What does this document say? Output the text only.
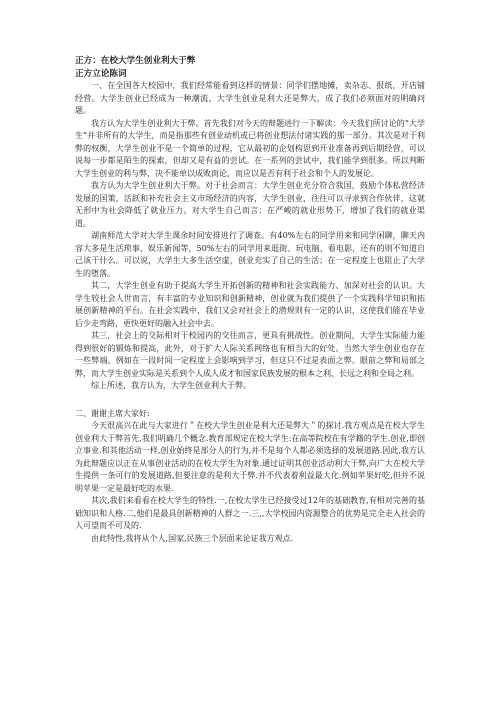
正方：在校大学生创业利大于弊

正方立论陈词

一、在全国各大校园中，我们经常能看到这样的情景：同学们摆地摊，卖杂志、报纸，开店铺经营。大学生创业已经成为一种潮流，大学生创业是利大还是弊大，成了我们必须面对的明确问题。

我方认为大学生创业利大于弊。首先我们对今天的辩题进行一下解读：今天我们所讨论的“大学生”并非所有的大学生，而是指那些有创业动机或已将创业想法付诸实践的那一部分。其次是对于利弊的权衡，大学生创业不是一个简单的过程，它从最初的企划构思到开业准备再到后期经营，可以说每一步都是陌生的探索，但却又是有益的尝试。在一系列的尝试中，我们能学到很多。所以判断大学生创业的利与弊，决不能单以成败而论，而应以是否有利于社会和个人的发展论。

我方认为大学生创业利大于弊。对于社会而言：大学生创业充分符合我国，鼓励个体私营经济发展的国策，活跃和补充社会主义市场经济的内容，大学生创业，往往可以寻求到合作伙伴，这就无形中为社会降低了就业压力。对大学生自己而言：在严峻的就业形势下，增加了我们的就业渠道。

湖南师范大学对大学生课余时间安排进行了调查。有40%左右的同学用来和同学闲聊，聊天内容大多是生活琐事、娱乐新闻等，50%左右的同学用来逛街、玩电脑、看电影，还有的则不知道自己该干什么。可以说，大学生大多生活空虚，创业充实了自己的生活；在一定程度上也阻止了大学生的堕落。

其二，大学生创业有助于提高大学生开拓创新的精神和社会实践能力、加深对社会的认识。大学生较社会人世而言，有丰富的专业知识和创新精神，创业就为我们提供了一个实践科学知识和拓展创新精神的平台。在社会实践中，我们又会对社会上的潜规则有一定的认识，这使我们能在毕业后少走弯路，更快更好的融入社会中去。

其三，社会上的交际相对于校园内的交往而言，更具有挑战性。创业期间，大学生实际能力能得到很好的锻炼和提高，此外，对于扩大人际关系网络也有相当大的好处。当然大学生创业也存在一些弊端，例如在一段时间一定程度上会影响到学习，但这只不过是表面之弊。眼前之弊和局部之弊，而大学生创业实际是关系到个人成人成才和国家民族发展的根本之利、长远之利和全局之利。

综上所述，我方认为，大学生创业利大于弊。

二、谢谢主席大家好:

今天很高兴在此与大家进行＂在校大学生创业是利大还是弊大＂的探讨.我方观点是在校大学生创业利大于弊首先,我们明确几个概念.教育部规定在校大学生:在高等院校在有学籍的学生.创业,即创立事业.和其他活动一样,创业始终是部分人的行为,并不是每个人都必须选择的发展道路.因此,我方认为此辩题应以正在从事创业活动的在校大学生为对象.通过证明其创业活动利大于弊,向广大在校大学生提供一条可行的发展道路,但要注意的是利大于弊.并不代表着利益最大化.例如苹果好吃,但并不说明苹果一定是最好吃的水果.

其次,我们来看看在校大学生的特性.一,在校大学生已经接受过12年的基础教育,有相对完善的基础知识和人格.二,他们是最具创新精神的人群之一.三,,大学校园内资源整合的优势是完全走入社会的人可望而不可及的.

由此特性,我将从个人,国家,民族三个层面来论证我方观点.
